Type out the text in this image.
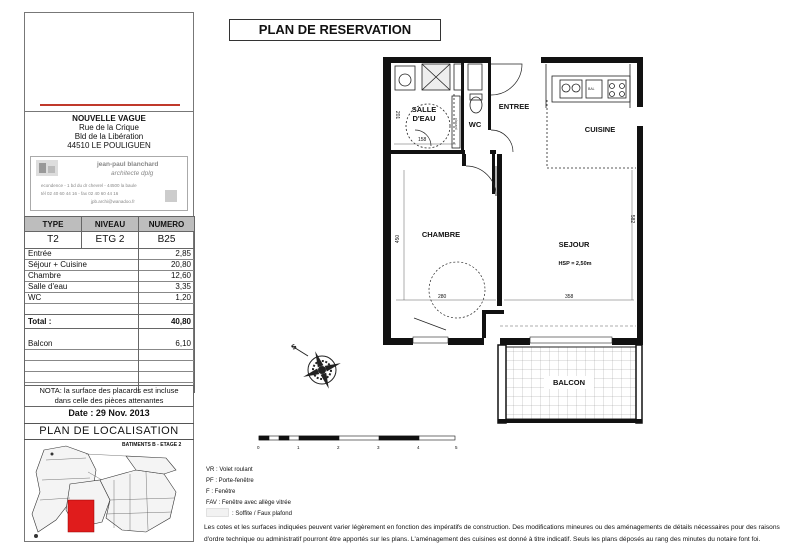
NOUVELLE VAGUE
Rue de la Crique
Bld de la Libération
44510 LE POULIGUEN
jean-paul blanchard
architecte dplg
econdence - 1 bd du dr chevrel - 44500 la baule
tél 02 40 60 44 16 - fax 02 40 60 44 16
jpb.archi@wanadoo.fr
TYPE	NIVEAU	NUMERO
T2	ETG 2	B25
Entrée		2,85
Séjour + Cuisine		20,80
Chambre		12,60
Salle d'eau		3,35
WC		1,20

Total :		40,80

Balcon		6,10

NOTA: la surface des placards est incluse
dans celle des pièces attenantes
Date : 29 Nov. 2013
PLAN DE LOCALISATION
BATIMENTS B - ETAGE 2
PLAN DE RESERVATION
placard
BAL
SALLE
D'EAU
WC
ENTREE
CUISINE
CHAMBRE
SEJOUR
HSP = 2,50m
BALCON
158
201
450
280	358
582
S
0	1	2	3	4	5
VR : Volet roulant
PF : Porte-fenêtre
F : Fenêtre
FAV : Fenêtre avec allège vitrée
: Soffite / Faux plafond
Les cotes et les surfaces indiquées peuvent varier légèrement en fonction des impératifs de construction. Des modifications mineures ou des aménagements de détails nécessaires pour des raisons
d'ordre technique ou administratif pourront être apportés sur les plans. L'aménagement des cuisines est donné à titre indicatif. Seuls les plans déposés au rang des minutes du notaire font foi.
